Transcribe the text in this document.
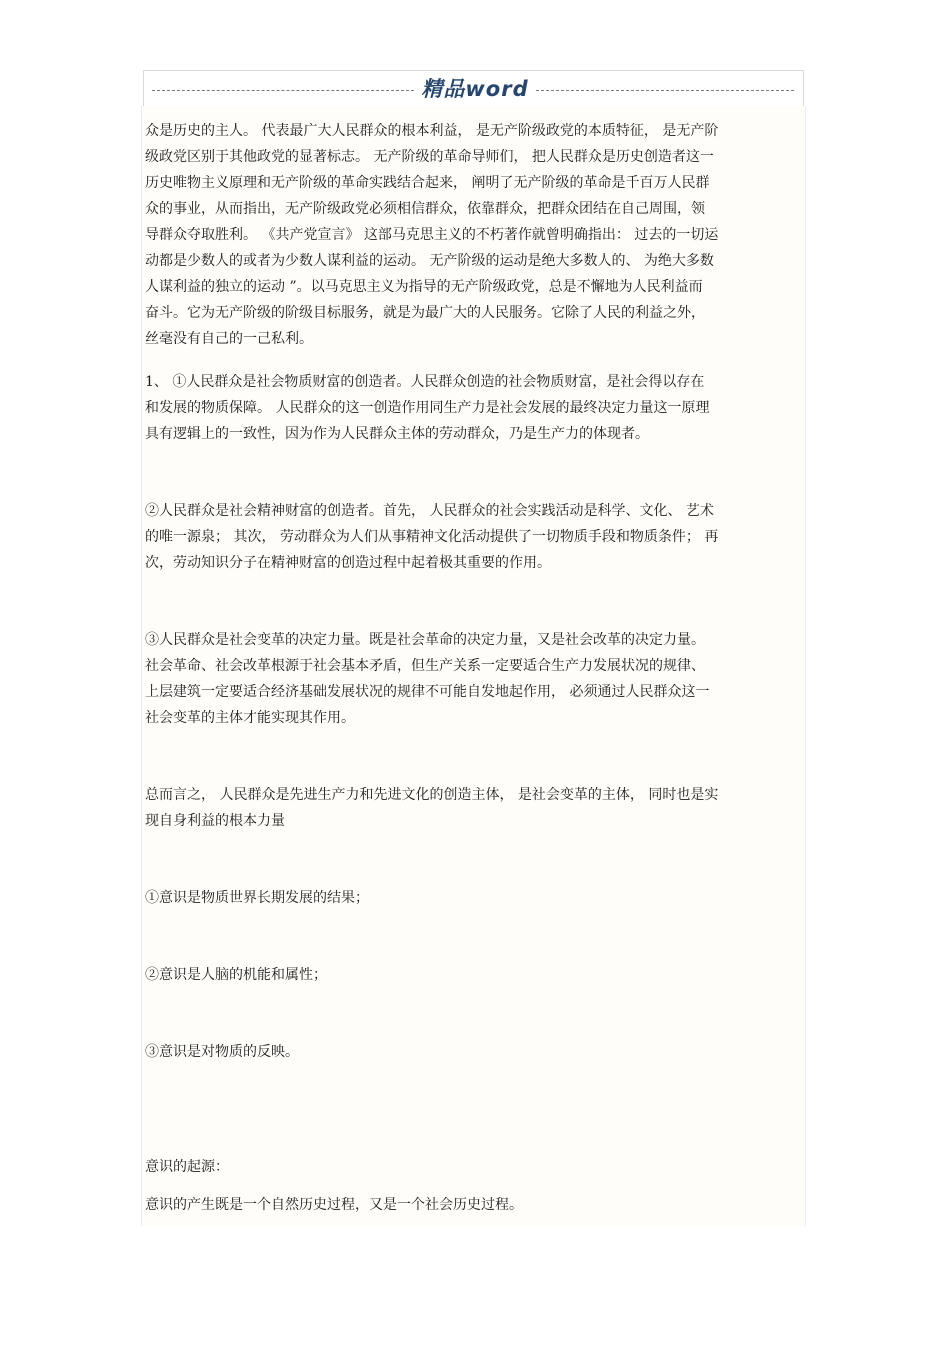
精品word
众是历史的主人。 代表最广大人民群众的根本利益， 是无产阶级政党的本质特征， 是无产阶
级政党区别于其他政党的显著标志。 无产阶级的革命导师们， 把人民群众是历史创造者这一
历史唯物主义原理和无产阶级的革命实践结合起来， 阐明了无产阶级的革命是千百万人民群
众的事业，从而指出，无产阶级政党必须相信群众，依靠群众，把群众团结在自己周围，领
导群众夺取胜利。 《共产党宣言》 这部马克思主义的不朽著作就曾明确指出： 过去的一切运
动都是少数人的或者为少数人谋利益的运动。 无产阶级的运动是绝大多数人的、 为绝大多数
人谋利益的独立的运动 ”。以马克思主义为指导的无产阶级政党，总是不懈地为人民利益而
奋斗。它为无产阶级的阶级目标服务，就是为最广大的人民服务。它除了人民的利益之外，
丝毫没有自己的一己私利。
1、 ①人民群众是社会物质财富的创造者。人民群众创造的社会物质财富，是社会得以存在
和发展的物质保障。 人民群众的这一创造作用同生产力是社会发展的最终决定力量这一原理
具有逻辑上的一致性，因为作为人民群众主体的劳动群众，乃是生产力的体现者。
②人民群众是社会精神财富的创造者。首先， 人民群众的社会实践活动是科学、文化、 艺术
的唯一源泉； 其次， 劳动群众为人们从事精神文化活动提供了一切物质手段和物质条件； 再
次，劳动知识分子在精神财富的创造过程中起着极其重要的作用。
③人民群众是社会变革的决定力量。既是社会革命的决定力量，又是社会改革的决定力量。
社会革命、社会改革根源于社会基本矛盾，但生产关系一定要适合生产力发展状况的规律、
上层建筑一定要适合经济基础发展状况的规律不可能自发地起作用， 必须通过人民群众这一
社会变革的主体才能实现其作用。
总而言之， 人民群众是先进生产力和先进文化的创造主体， 是社会变革的主体， 同时也是实
现自身利益的根本力量
①意识是物质世界长期发展的结果；
②意识是人脑的机能和属性；
③意识是对物质的反映。
意识的起源：
意识的产生既是一个自然历史过程，又是一个社会历史过程。
